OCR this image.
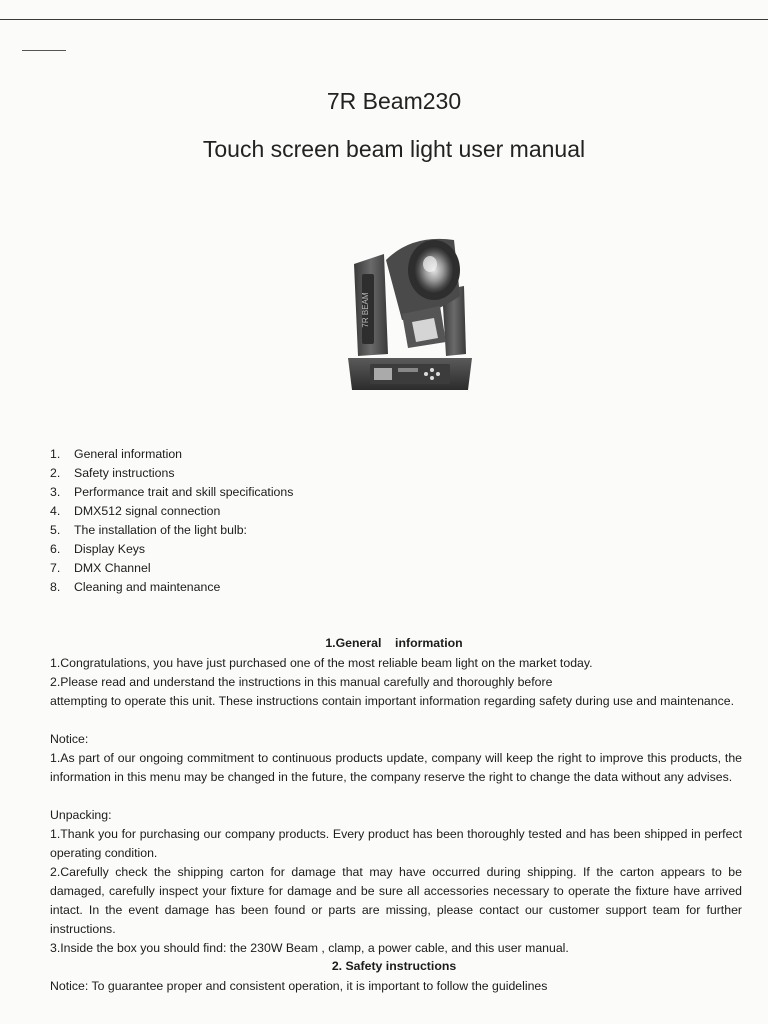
7R Beam230
Touch screen beam light user manual
7R BEAM
1. General information
2. Safety instructions
3. Performance trait and skill specifications
4. DMX512 signal connection
5. The installation of the light bulb:
6. Display Keys
7. DMX Channel
8. Cleaning and maintenance
1.General    information

1.Congratulations, you have just purchased one of the most reliable beam light on the market today.

2.Please read and understand the instructions in this manual carefully and thoroughly before

attempting to operate this unit. These instructions contain important information regarding safety during use and maintenance.

Notice:

1.As part of our ongoing commitment to continuous products update, company will keep the right to improve this products, the information in this menu may be changed in the future, the company reserve the right to change the data without any advises.

Unpacking:

1.Thank you for purchasing our company products. Every product has been thoroughly tested and has been shipped in perfect operating condition.

2.Carefully check the shipping carton for damage that may have occurred during shipping. If the carton appears to be damaged, carefully inspect your fixture for damage and be sure all accessories necessary to operate the fixture have arrived intact. In the event damage has been found or parts are missing, please contact our customer support team for further instructions.

3.Inside the box you should find: the 230W Beam , clamp, a power cable, and this user manual.

2. Safety instructions

Notice: To guarantee proper and consistent operation, it is important to follow the guidelines
